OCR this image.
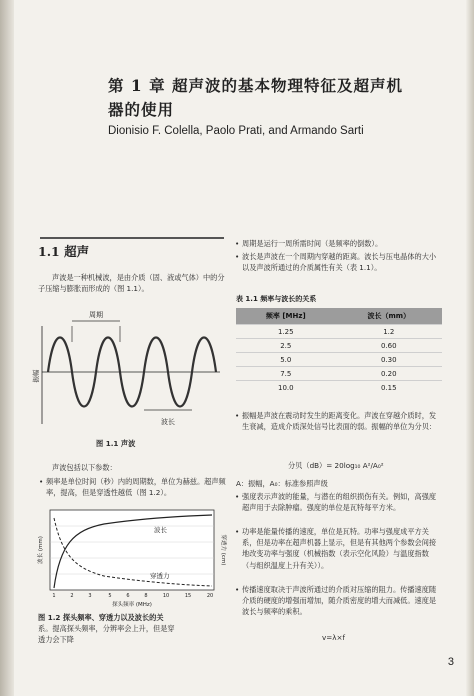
第 1 章 超声波的基本物理特征及超声机
器的使用
Dionisio F. Colella, Paolo Prati, and Armando Sarti
1.1 超声
声波是一种机械波，是由介质（固、液或气体）中的分子压缩与膨胀而形成的（图 1.1）。
周期
振幅
波长
图 1.1 声波
声波包括以下参数：
• 频率是单位时间（秒）内的周期数，单位为赫兹。超声频率，提高，但是穿透性越低（图 1.2）。
波长
穿透力
波长 (mm)	穿透力 (cm)
1	2	3	5	6	8	10	15	20
探头频率 (MHz)
图 1.2 探头频率、穿透力以及波长的关
系。提高探头频率，分辨率会上升，但是穿
透力会下降
• 周期是运行一周所需时间（是频率的倒数）。
• 波长是声波在一个周期内穿越的距离。波长与压电晶体的大小以及声波所通过的介质属性有关（表 1.1）。
表 1.1 频率与波长的关系
频率 [MHz]	波长（mm）
1.25	1.2
2.5	0.60
5.0	0.30
7.5	0.20
10.0	0.15
• 振幅是声波在震动时发生的距离变化。声波在穿越介质时，发生衰减，造成介质深处信号比表面的弱。振幅的单位为分贝：
分贝（dB）= 20log₁₀ A²/A₀²
A：振幅，A₀：标准参照声级
• 强度表示声波的能量，与潜在的组织损伤有关。例如，高强度超声用于去除肿瘤。强度的单位是瓦特每平方米。
• 功率是能量传播的速度，单位是瓦特。功率与强度成平方关系，但是功率在超声机器上显示，但是有其他两个参数会间接地改变功率与强度（机械指数（表示空化风险）与温度指数（与组织温度上升有关））。
• 传播速度取决于声波所通过的介质对压缩的阻力。传播速度随介质的硬度的增强而增加，随介质密度的增大而减低。速度是波长与频率的乘积。
v=λ×f
3
